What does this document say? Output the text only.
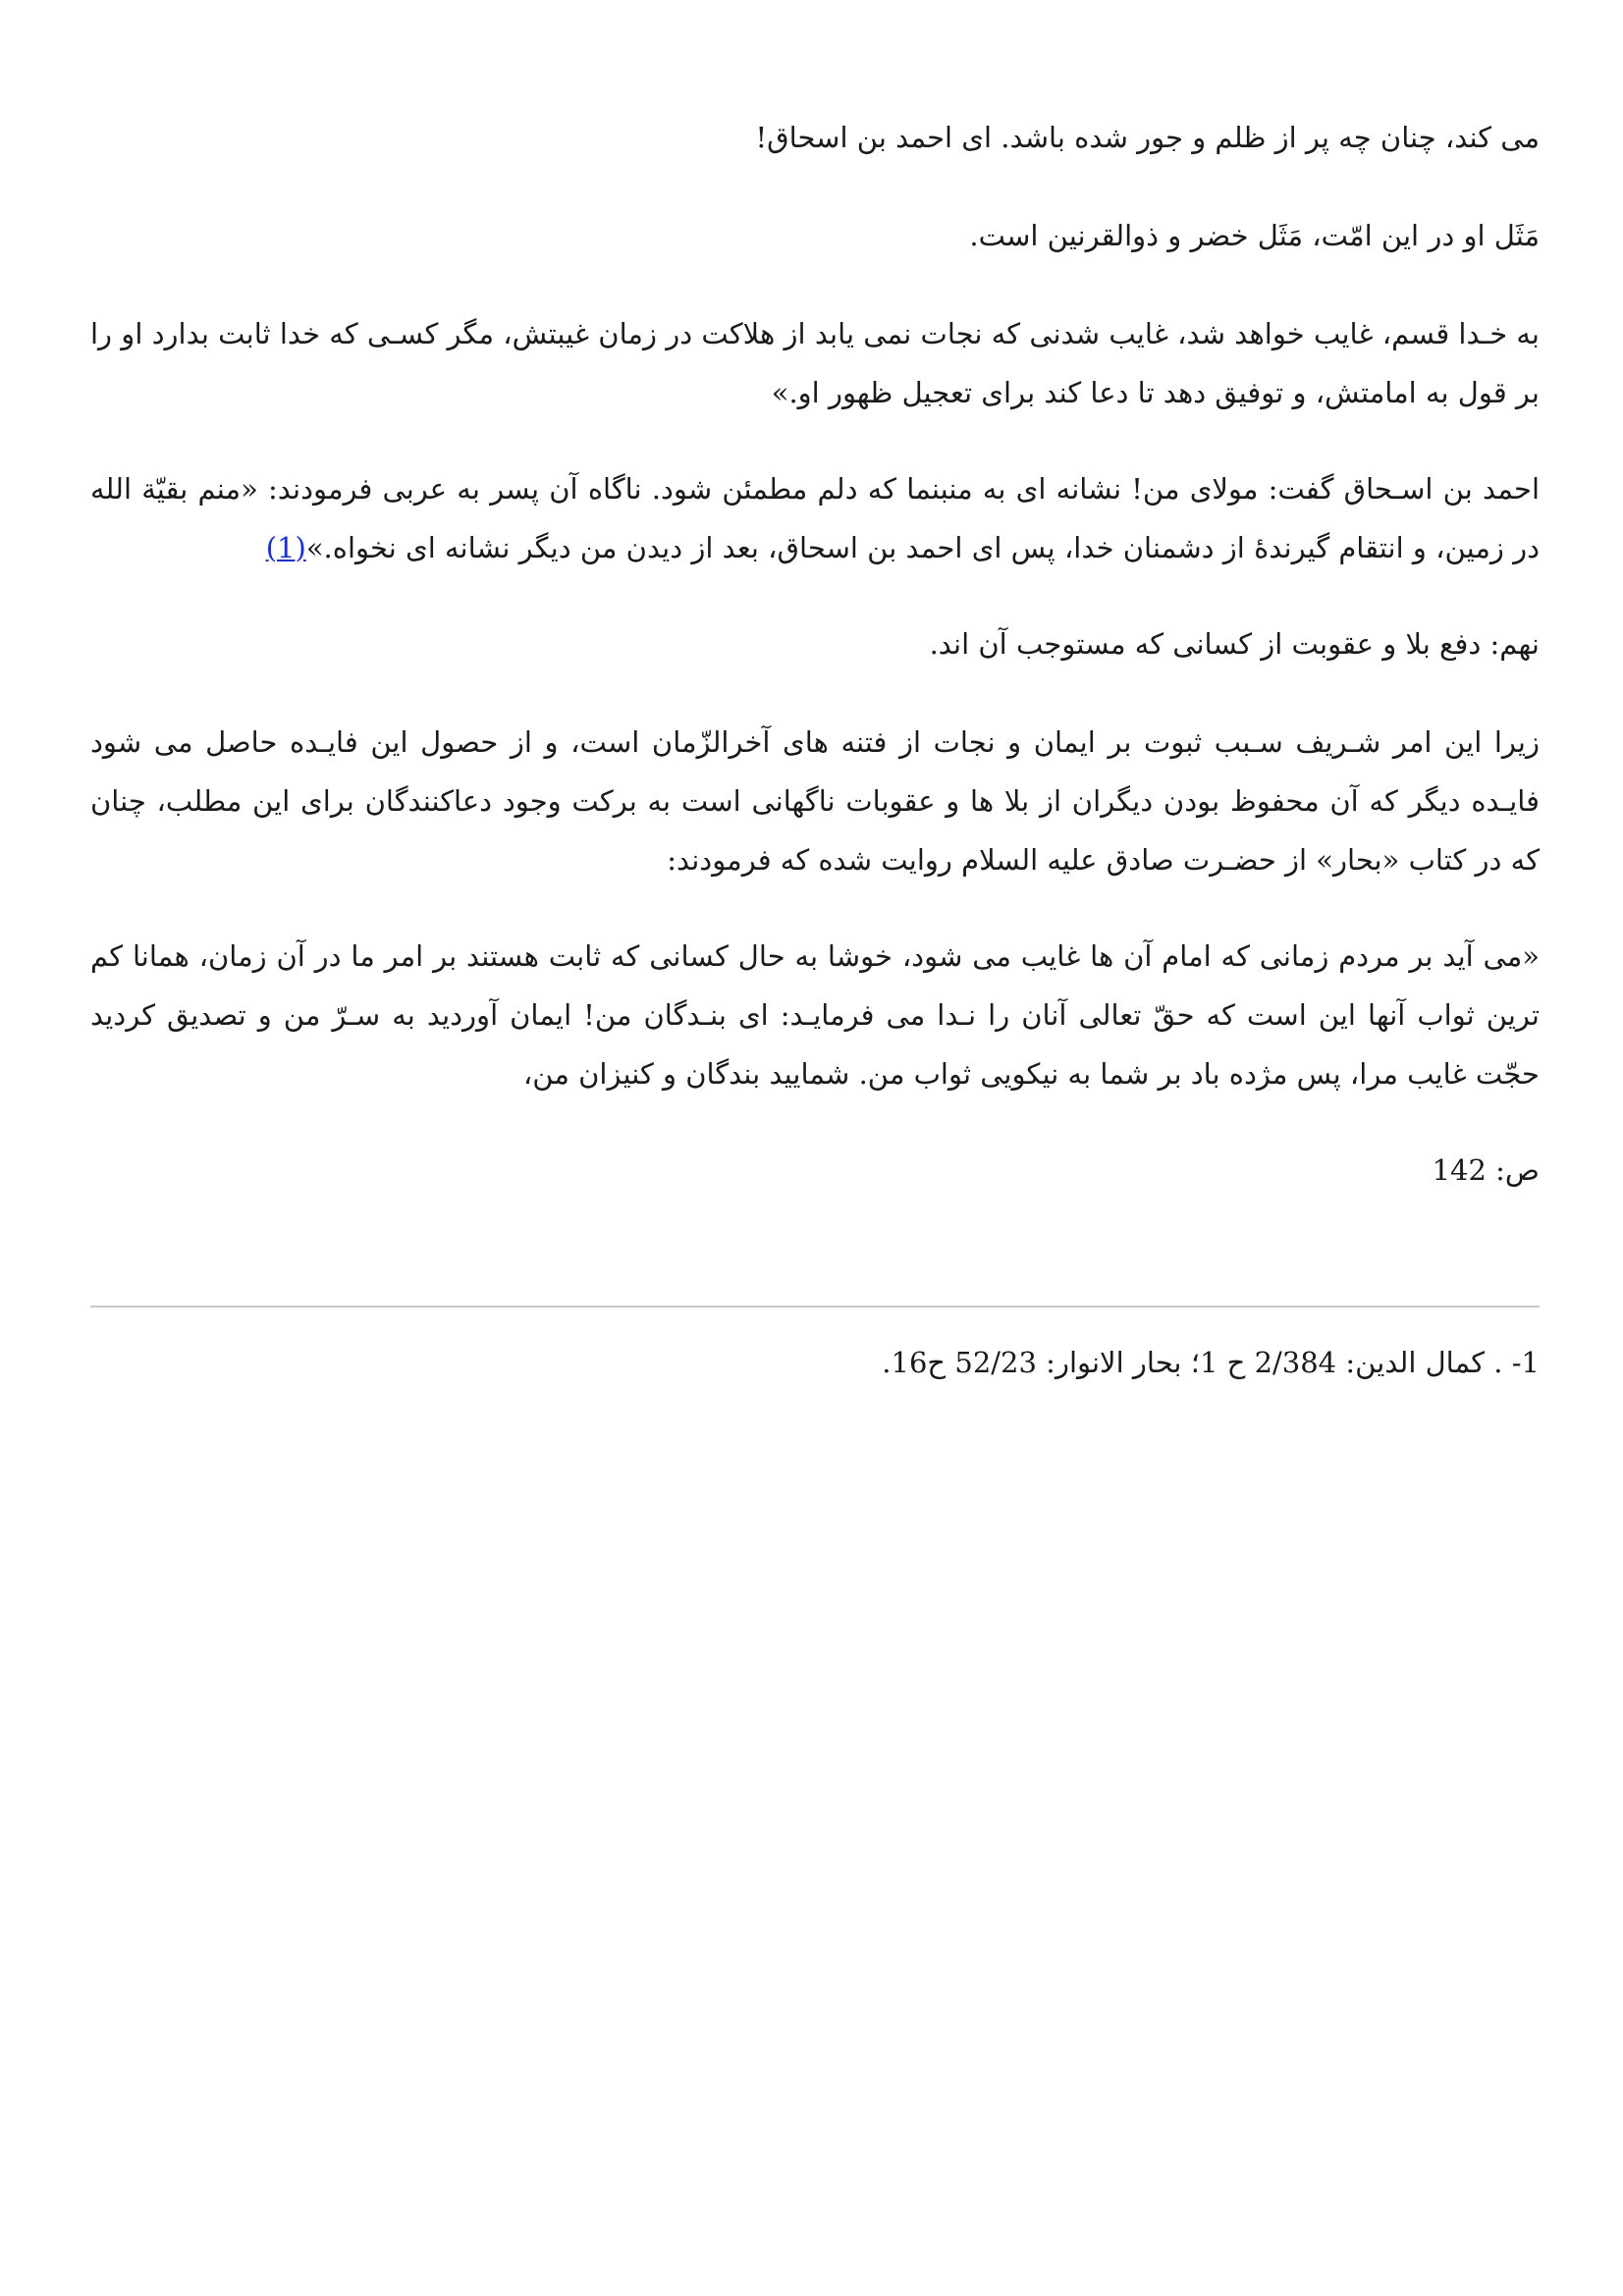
می کند، چنان چه پر از ظلم و جور شده باشد. ای احمد بن اسحاق!

مَثَل او در این امّت، مَثَل خضر و ذوالقرنین است.

به خـدا قسم، غایب خواهد شد، غایب شدنی که نجات نمی یابد از هلاکت در زمان غیبتش، مگر کسـی که خدا ثابت بدارد او را بر قول به امامتش، و توفیق دهد تا دعا کند برای تعجیل ظهور او.»

احمد بن اسـحاق گفت: مولای من! نشانه ای به منبنما که دلم مطمئن شود. ناگاه آن پسر به عربی فرمودند: «منم بقیّة الله در زمین، و انتقام گیرندهٔ از دشمنان خدا، پس ای احمد بن اسحاق، بعد از دیدن من دیگر نشانه ای نخواه.»(1)

نهم: دفع بلا و عقوبت از کسانی که مستوجب آن اند.

زیرا این امر شـریف سـبب ثبوت بر ایمان و نجات از فتنه های آخرالزّمان است، و از حصول این فایـده حاصل می شود فایـده دیگر که آن محفوظ بودن دیگران از بلا ها و عقوبات ناگهانی است به برکت وجود دعاکنندگان برای این مطلب، چنان که در کتاب «بحار» از حضـرت صادق علیه السلام روایت شده که فرمودند:

«می آید بر مردم زمانی که امام آن ها غایب می شود، خوشا به حال کسانی که ثابت هستند بر امر ما در آن زمان، همانا کم ترین ثواب آنها این است که حقّ تعالی آنان را نـدا می فرمایـد: ای بنـدگان من! ایمان آوردید به سـرّ من و تصدیق کردید حجّت غایب مرا، پس مژده باد بر شما به نیکویی ثواب من. شمایید بندگان و کنیزان من،

ص: 142

1- . کمال الدین: 2/384 ح 1؛ بحار الانوار: 52/23 ح16.
